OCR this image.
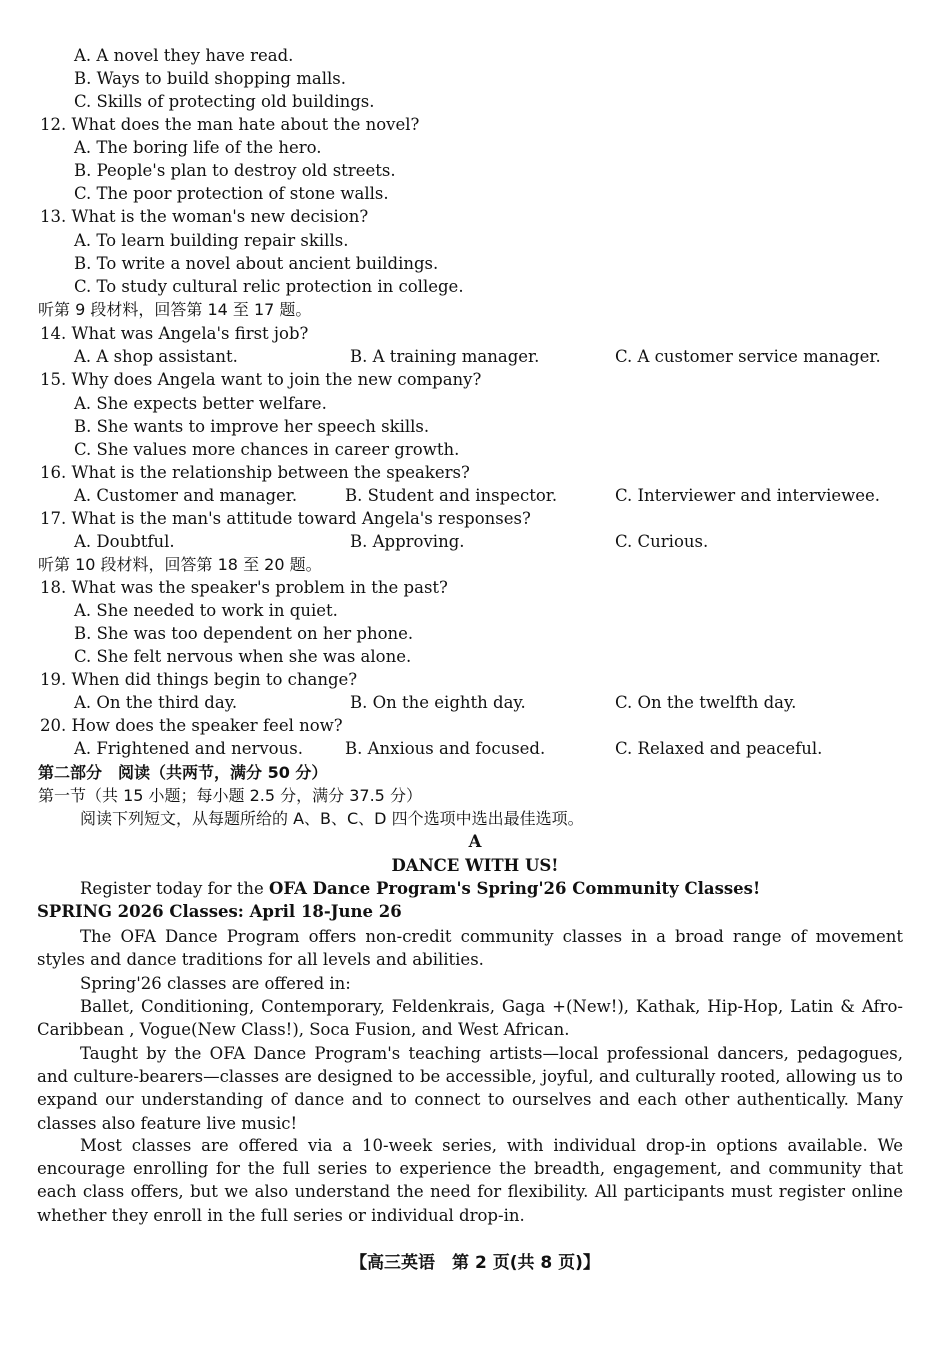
A. A novel they have read.
B. Ways to build shopping malls.
C. Skills of protecting old buildings.
12. What does the man hate about the novel?
A. The boring life of the hero.
B. People's plan to destroy old streets.
C. The poor protection of stone walls.
13. What is the woman's new decision?
A. To learn building repair skills.
B. To write a novel about ancient buildings.
C. To study cultural relic protection in college.
听第 9 段材料，回答第 14 至 17 题。
14. What was Angela's first job?
A. A shop assistant.	B. A training manager.	C. A customer service manager.
15. Why does Angela want to join the new company?
A. She expects better welfare.
B. She wants to improve her speech skills.
C. She values more chances in career growth.
16. What is the relationship between the speakers?
A. Customer and manager.	B. Student and inspector.	C. Interviewer and interviewee.
17. What is the man's attitude toward Angela's responses?
A. Doubtful.	B. Approving.	C. Curious.
听第 10 段材料，回答第 18 至 20 题。
18. What was the speaker's problem in the past?
A. She needed to work in quiet.
B. She was too dependent on her phone.
C. She felt nervous when she was alone.
19. When did things begin to change?
A. On the third day.	B. On the eighth day.	C. On the twelfth day.
20. How does the speaker feel now?
A. Frightened and nervous.	B. Anxious and focused.	C. Relaxed and peaceful.
第二部分　阅读（共两节，满分 50 分）
第一节（共 15 小题；每小题 2.5 分，满分 37.5 分）
阅读下列短文，从每题所给的 A、B、C、D 四个选项中选出最佳选项。
A
DANCE WITH US!
Register today for the OFA Dance Program's Spring'26 Community Classes!
SPRING 2026 Classes: April 18-June 26
The OFA Dance Program offers non-credit community classes in a broad range of movement styles and dance traditions for all levels and abilities.
Spring'26 classes are offered in:
Ballet, Conditioning, Contemporary, Feldenkrais, Gaga +(New!), Kathak, Hip-Hop, Latin & Afro-Caribbean , Vogue(New Class!), Soca Fusion, and West African.
Taught by the OFA Dance Program's teaching artists—local professional dancers, pedagogues, and culture-bearers—classes are designed to be accessible, joyful, and culturally rooted, allowing us to expand our understanding of dance and to connect to ourselves and each other authentically. Many classes also feature live music!
Most classes are offered via a 10-week series, with individual drop-in options available. We encourage enrolling for the full series to experience the breadth, engagement, and community that each class offers, but we also understand the need for flexibility. All participants must register online whether they enroll in the full series or individual drop-in.
【高三英语　第 2 页(共 8 页)】
